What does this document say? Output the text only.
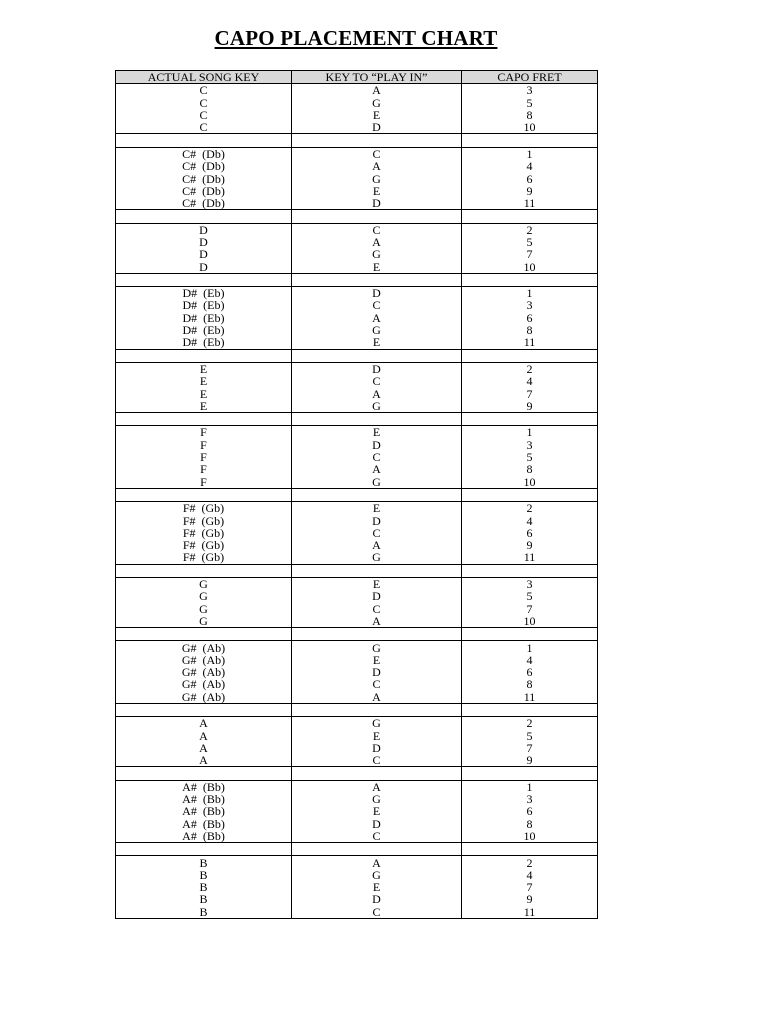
CAPO PLACEMENT CHART
ACTUAL SONG KEY	KEY TO “PLAY IN”	CAPO FRET
C	A	3
C	G	5
C	E	8
C	D	10

C#  (Db)	C	1
C#  (Db)	A	4
C#  (Db)	G	6
C#  (Db)	E	9
C#  (Db)	D	11

D	C	2
D	A	5
D	G	7
D	E	10

D#  (Eb)	D	1
D#  (Eb)	C	3
D#  (Eb)	A	6
D#  (Eb)	G	8
D#  (Eb)	E	11

E	D	2
E	C	4
E	A	7
E	G	9

F	E	1
F	D	3
F	C	5
F	A	8
F	G	10

F#  (Gb)	E	2
F#  (Gb)	D	4
F#  (Gb)	C	6
F#  (Gb)	A	9
F#  (Gb)	G	11

G	E	3
G	D	5
G	C	7
G	A	10

G#  (Ab)	G	1
G#  (Ab)	E	4
G#  (Ab)	D	6
G#  (Ab)	C	8
G#  (Ab)	A	11

A	G	2
A	E	5
A	D	7
A	C	9

A#  (Bb)	A	1
A#  (Bb)	G	3
A#  (Bb)	E	6
A#  (Bb)	D	8
A#  (Bb)	C	10

B	A	2
B	G	4
B	E	7
B	D	9
B	C	11
